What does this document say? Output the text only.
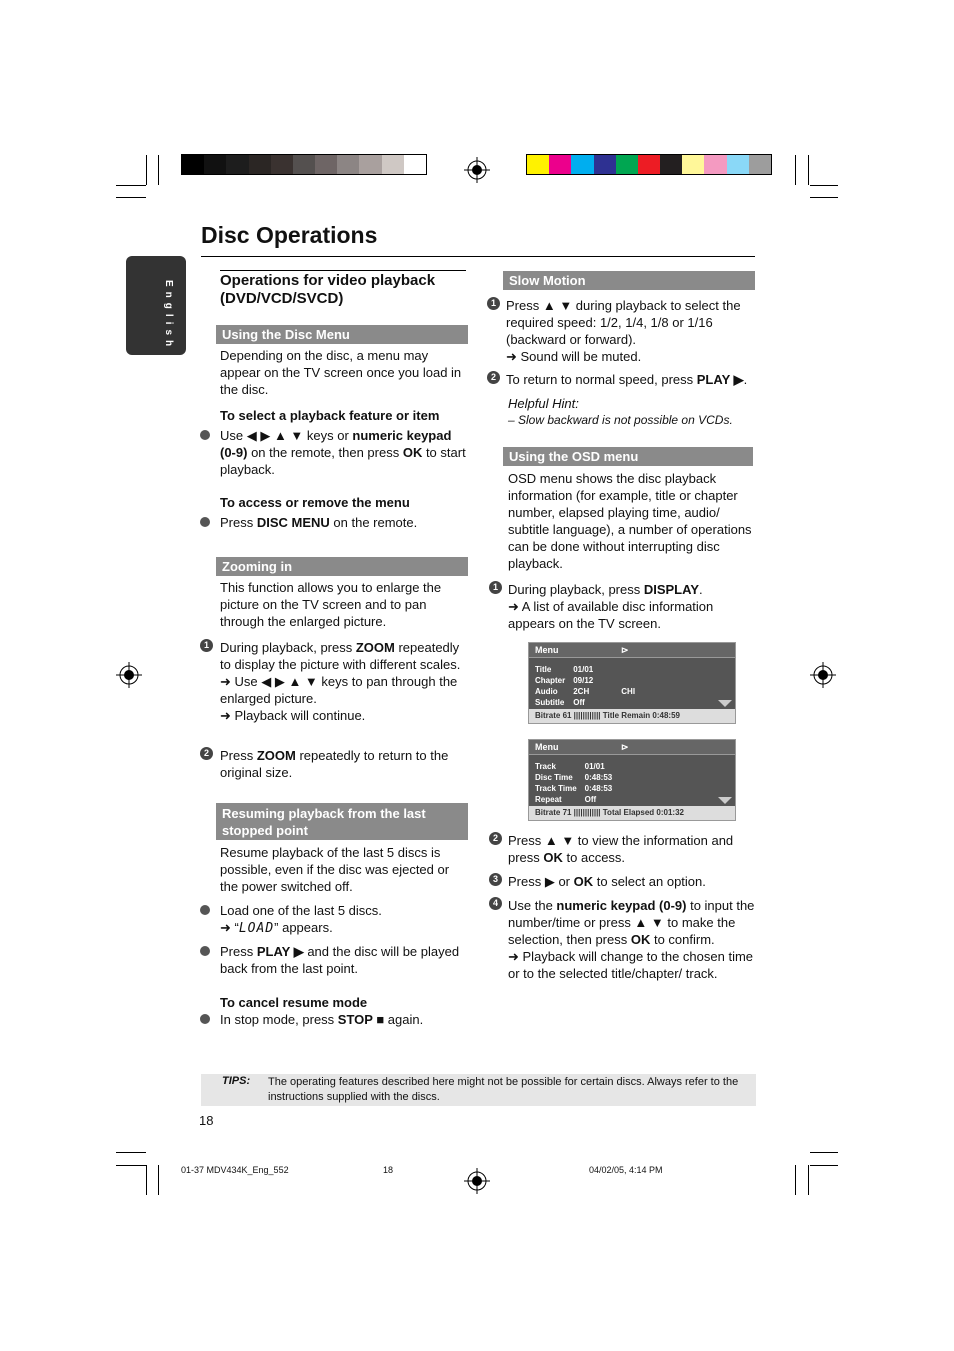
Disc Operations
English	Operations for video playback (DVD/VCD/SVCD)
Using the Disc Menu
Depending on the disc, a menu may appear on the TV screen once you load in the disc.
To select a playback feature or item
Use ◀ ▶ ▲ ▼ keys or numeric keypad (0-9) on the remote, then press OK to start playback.
To access or remove the menu
Press DISC MENU on the remote.
Zooming in
This function allows you to enlarge the picture on the TV screen and to pan through the enlarged picture.
1 During playback, press ZOOM repeatedly to display the picture with different scales.
➜ Use ◀ ▶ ▲ ▼ keys to pan through the enlarged picture.
➜ Playback will continue.
2 Press ZOOM repeatedly to return to the original size.
Resuming playback from the last stopped point
Resume playback of the last 5 discs is possible, even if the disc was ejected or the power switched off.
Load one of the last 5 discs.
➜ “LOAD” appears.
Press PLAY ▶ and the disc will be played back from the last point.
To cancel resume mode
In stop mode, press STOP ■ again.
Slow Motion
1 Press ▲ ▼ during playback to select the required speed: 1/2, 1/4, 1/8 or 1/16 (backward or forward).
➜ Sound will be muted.
2 To return to normal speed, press PLAY ▶.
Helpful Hint:
– Slow backward is not possible on VCDs.
Using the OSD menu
OSD menu shows the disc playback information (for example, title or chapter number, elapsed playing time, audio/ subtitle language), a number of operations can be done without interrupting disc playback.
1 During playback, press DISPLAY.
➜ A list of available disc information appears on the TV screen.
Menu	⊳
Title	01/01	
Chapter	09/12	
Audio	2CH	CHI
Subtitle	Off	
Bitrate 61 |||||||||||| Title Remain 0:48:59
Menu	⊳
Track	01/01
Disc Time	0:48:53
Track Time	0:48:53
Repeat	Off
Bitrate 71 |||||||||||| Total Elapsed 0:01:32
2 Press ▲ ▼ to view the information and press OK to access.
3 Press ▶ or OK to select an option.
4 Use the numeric keypad (0-9) to input the number/time or press ▲ ▼ to make the selection, then press OK to confirm.
➜ Playback will change to the chosen time or to the selected title/chapter/ track.
TIPS: The operating features described here might not be possible for certain discs. Always refer to the instructions supplied with the discs.
18
01-37 MDV434K_Eng_552	18	04/02/05, 4:14 PM
